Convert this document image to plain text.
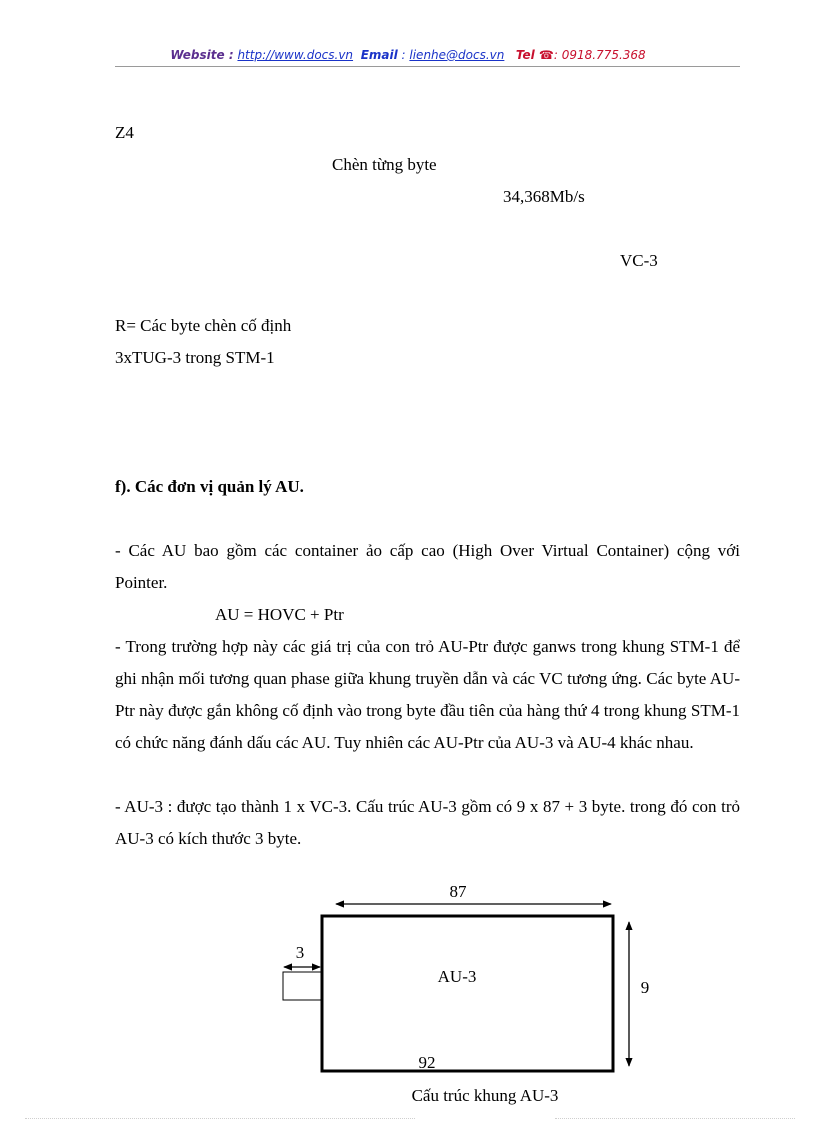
Website : http://www.docs.vn Email : lienhe@docs.vn Tel ☎: 0918.775.368
Z4
Chèn từng byte
34,368Mb/s
VC-3
R= Các byte chèn cố định
3xTUG-3 trong STM-1
f). Các đơn vị quản lý AU.

- Các AU bao gồm các container ảo cấp cao (High Over Virtual Container) cộng với Pointer.

AU = HOVC + Ptr

- Trong trường hợp này các giá trị của con trỏ AU-Ptr được ganws trong khung STM-1 để ghi nhận mối tương quan phase giữa khung truyền dẫn và các VC tương ứng. Các byte AU- Ptr này được gắn không cố định vào trong byte đầu tiên của hàng thứ 4 trong khung STM-1 có chức năng đánh dấu các AU. Tuy nhiên các AU-Ptr của AU-3 và AU-4 khác nhau.

- AU-3 : được tạo thành 1 x VC-3. Cấu trúc AU-3 gồm có 9 x 87 + 3 byte. trong đó con trỏ AU-3 có kích thước 3 byte.

87
3
9
AU-3
92
Cấu trúc khung AU-3
